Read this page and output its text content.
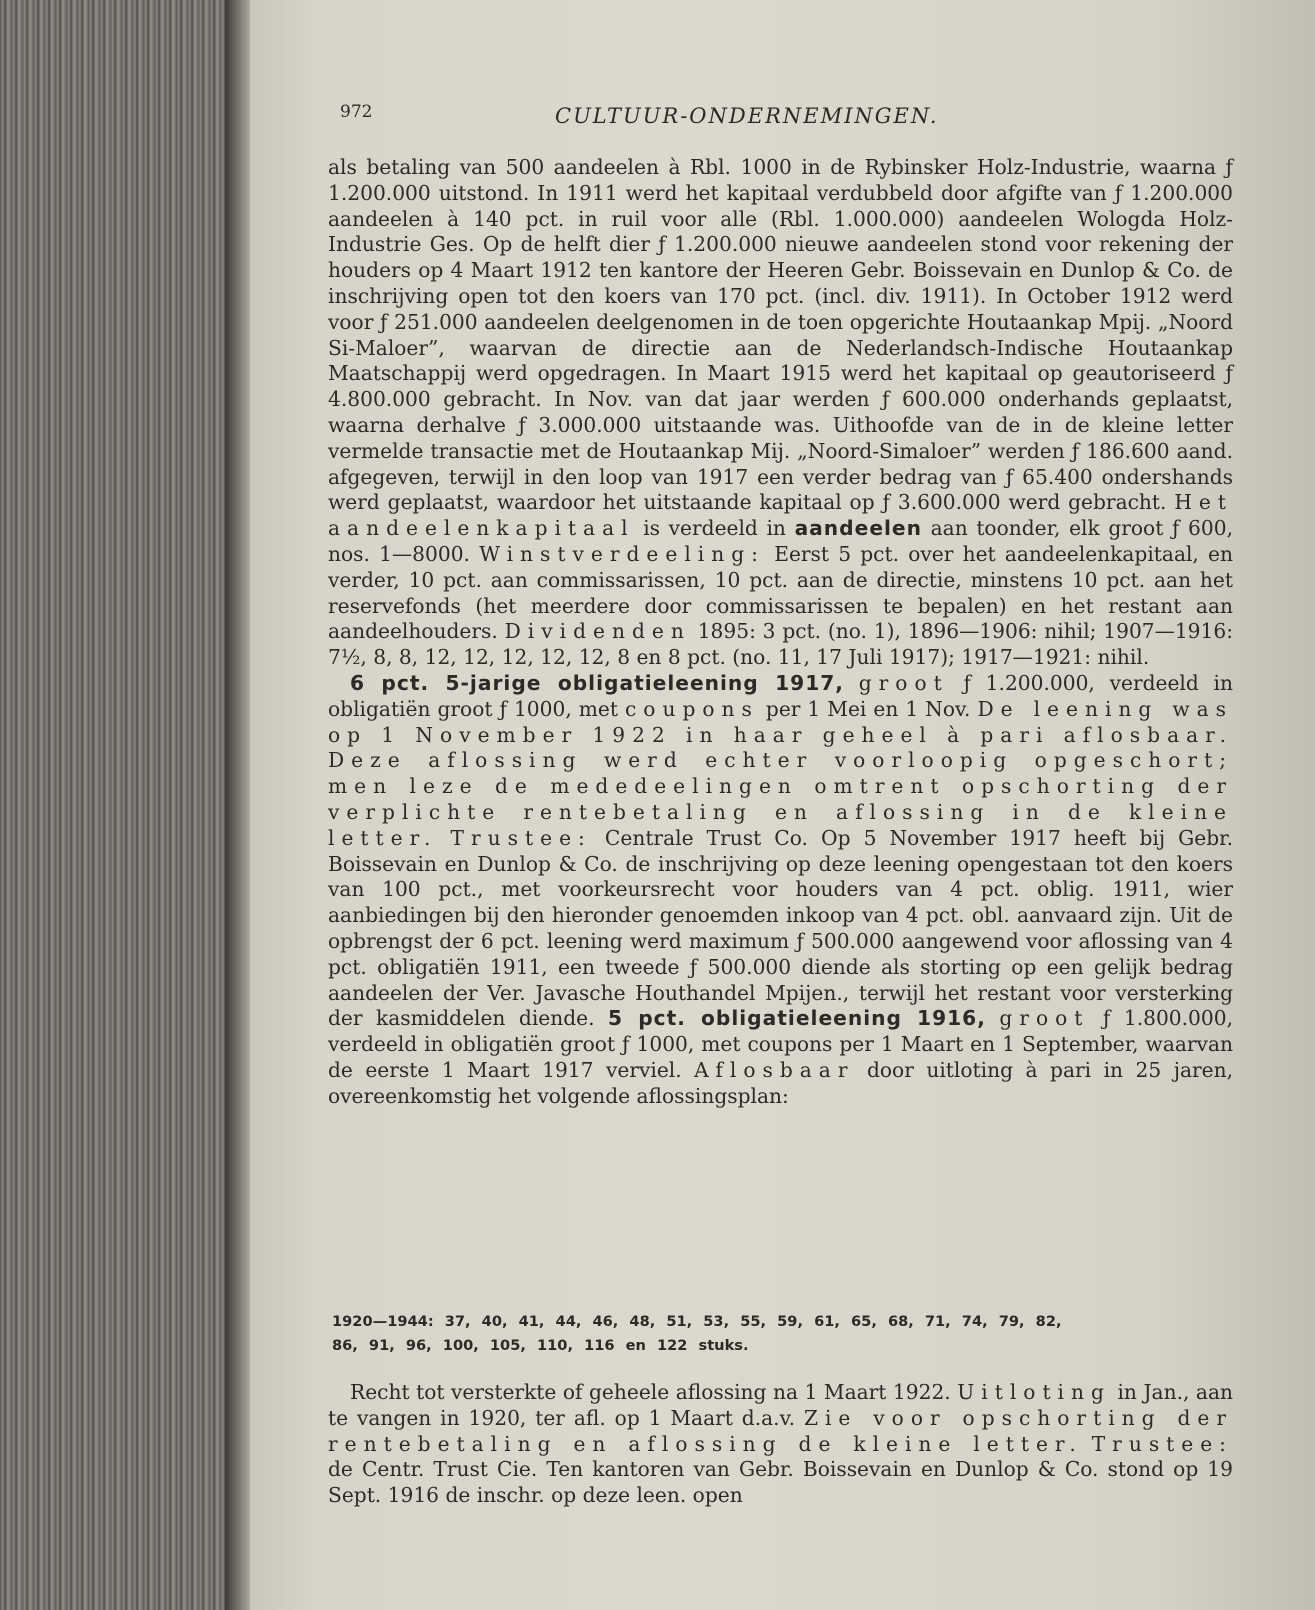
972	CULTUUR-ONDERNEMINGEN.

als betaling van 500 aandeelen à Rbl. 1000 in de Rybinsker Holz-Industrie, waarna ƒ 1.200.000 uitstond. In 1911 werd het kapitaal verdubbeld door afgifte van ƒ 1.200.000 aandeelen à 140 pct. in ruil voor alle (Rbl. 1.000.000) aandeelen Wologda Holz-Industrie Ges. Op de helft dier ƒ 1.200.000 nieuwe aandeelen stond voor rekening der houders op 4 Maart 1912 ten kantore der Heeren Gebr. Boissevain en Dunlop & Co. de inschrijving open tot den koers van 170 pct. (incl. div. 1911). In October 1912 werd voor ƒ 251.000 aandeelen deelgenomen in de toen opgerichte Houtaankap Mpij. „Noord Si-Maloer”, waarvan de directie aan de Nederlandsch-Indische Houtaankap Maatschappij werd opgedragen. In Maart 1915 werd het kapitaal op geautoriseerd ƒ 4.800.000 gebracht. In Nov. van dat jaar werden ƒ 600.000 onderhands geplaatst, waarna derhalve ƒ 3.000.000 uitstaande was. Uithoofde van de in de kleine letter vermelde transactie met de Houtaankap Mij. „Noord-Simaloer” werden ƒ 186.600 aand. afgegeven, terwijl in den loop van 1917 een verder bedrag van ƒ 65.400 ondershands werd geplaatst, waardoor het uitstaande kapitaal op ƒ 3.600.000 werd gebracht. Het aandeelenkapitaal is verdeeld in aandeelen aan toonder, elk groot ƒ 600, nos. 1—8000. Winstverdeeling: Eerst 5 pct. over het aandeelenkapitaal, en verder, 10 pct. aan commissarissen, 10 pct. aan de directie, minstens 10 pct. aan het reservefonds (het meerdere door commissarissen te bepalen) en het restant aan aandeelhouders. Dividenden 1895: 3 pct. (no. 1), 1896—1906: nihil; 1907—1916: 7½, 8, 8, 12, 12, 12, 12, 12, 8 en 8 pct. (no. 11, 17 Juli 1917); 1917—1921: nihil.

6 pct. 5-jarige obligatieleening 1917, groot ƒ 1.200.000, verdeeld in obligatiën groot ƒ 1000, met coupons per 1 Mei en 1 Nov. De leening was op 1 November 1922 in haar geheel à pari aflosbaar. Deze aflossing werd echter voorloopig opgeschort; men leze de mededeelingen omtrent opschorting der verplichte rentebetaling en aflossing in de kleine letter. Trustee: Centrale Trust Co. Op 5 November 1917 heeft bij Gebr. Boissevain en Dunlop & Co. de inschrijving op deze leening opengestaan tot den koers van 100 pct., met voorkeursrecht voor houders van 4 pct. oblig. 1911, wier aanbiedingen bij den hieronder genoemden inkoop van 4 pct. obl. aanvaard zijn. Uit de opbrengst der 6 pct. leening werd maximum ƒ 500.000 aangewend voor aflossing van 4 pct. obligatiën 1911, een tweede ƒ 500.000 diende als storting op een gelijk bedrag aandeelen der Ver. Javasche Houthandel Mpijen., terwijl het restant voor versterking der kasmiddelen diende. 5 pct. obligatieleening 1916, groot ƒ 1.800.000, verdeeld in obligatiën groot ƒ 1000, met coupons per 1 Maart en 1 September, waarvan de eerste 1 Maart 1917 verviel. Aflosbaar door uitloting à pari in 25 jaren, overeenkomstig het volgende aflossingsplan:

1920—1944: 37, 40, 41, 44, 46, 48, 51, 53, 55, 59, 61, 65, 68, 71, 74, 79, 82,
86, 91, 96, 100, 105, 110, 116 en 122 stuks.

Recht tot versterkte of geheele aflossing na 1 Maart 1922. Uitloting in Jan., aan te vangen in 1920, ter afl. op 1 Maart d.a.v. Zie voor opschorting der rentebetaling en aflossing de kleine letter. Trustee: de Centr. Trust Cie. Ten kantoren van Gebr. Boissevain en Dunlop & Co. stond op 19 Sept. 1916 de inschr. op deze leen. open
